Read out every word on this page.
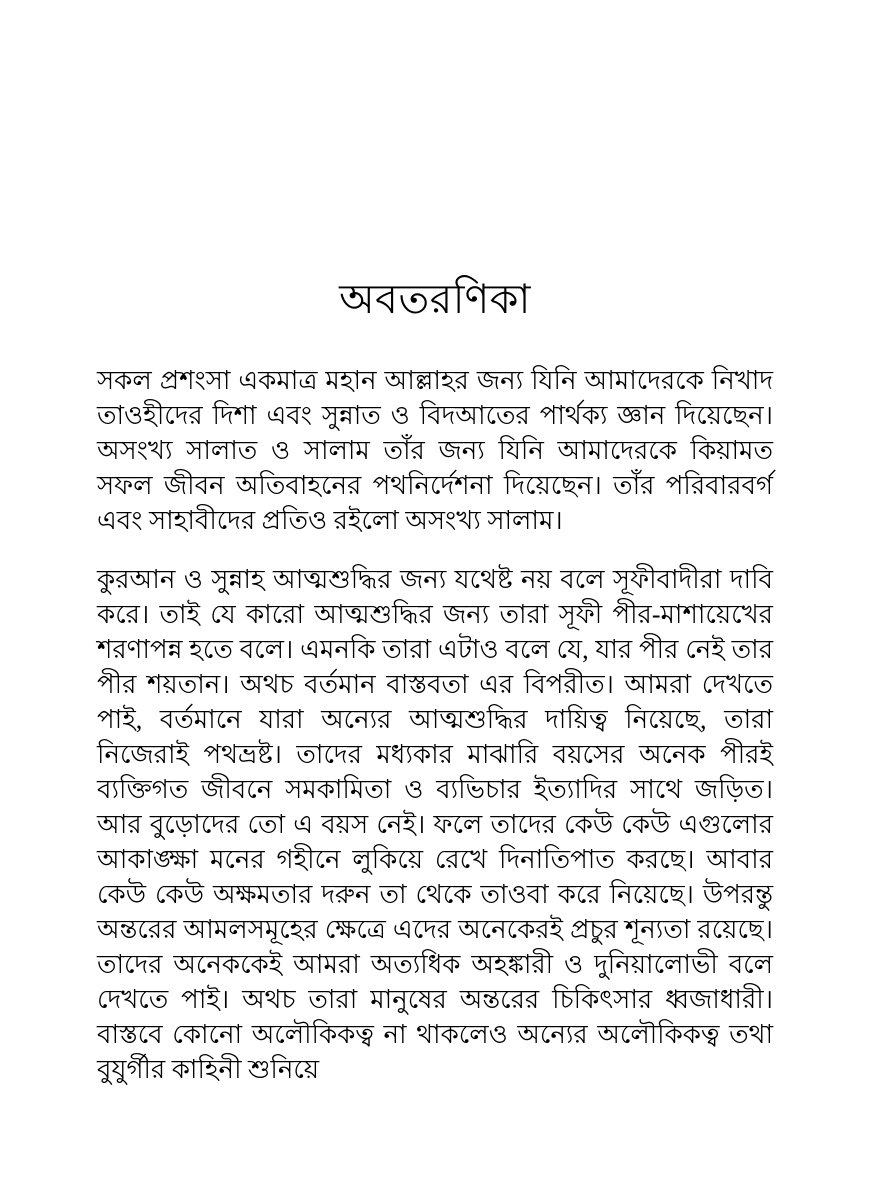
অবতরণিকা

সকল প্রশংসা একমাত্র মহান আল্লাহর জন্য যিনি আমাদেরকে নিখাদ তাওহীদের দিশা এবং সুন্নাত ও বিদআতের পার্থক্য জ্ঞান দিয়েছেন। অসংখ্য সালাত ও সালাম তাঁর জন্য যিনি আমাদেরকে কিয়ামত সফল জীবন অতিবাহনের পথনির্দেশনা দিয়েছেন। তাঁর পরিবারবর্গ এবং সাহাবীদের প্রতিও রইলো অসংখ্য সালাম।

কুরআন ও সুন্নাহ আত্মশুদ্ধির জন্য যথেষ্ট নয় বলে সূফীবাদীরা দাবি করে। তাই যে কারো আত্মশুদ্ধির জন্য তারা সূফী পীর-মাশায়েখের শরণাপন্ন হতে বলে। এমনকি তারা এটাও বলে যে, যার পীর নেই তার পীর শয়তান। অথচ বর্তমান বাস্তবতা এর বিপরীত। আমরা দেখতে পাই, বর্তমানে যারা অন্যের আত্মশুদ্ধির দায়িত্ব নিয়েছে, তারা নিজেরাই পথভ্রষ্ট। তাদের মধ্যকার মাঝারি বয়সের অনেক পীরই ব্যক্তিগত জীবনে সমকামিতা ও ব্যভিচার ইত্যাদির সাথে জড়িত। আর বুড়োদের তো এ বয়স নেই। ফলে তাদের কেউ কেউ এগুলোর আকাঙ্ক্ষা মনের গহীনে লুকিয়ে রেখে দিনাতিপাত করছে। আবার কেউ কেউ অক্ষমতার দরুন তা থেকে তাওবা করে নিয়েছে। উপরন্তু অন্তরের আমলসমূহের ক্ষেত্রে এদের অনেকেরই প্রচুর শূন্যতা রয়েছে। তাদের অনেককেই আমরা অত্যধিক অহঙ্কারী ও দুনিয়ালোভী বলে দেখতে পাই। অথচ তারা মানুষের অন্তরের চিকিৎসার ধ্বজাধারী। বাস্তবে কোনো অলৌকিকত্ব না থাকলেও অন্যের অলৌকিকত্ব তথা বুযুর্গীর কাহিনী শুনিয়ে
